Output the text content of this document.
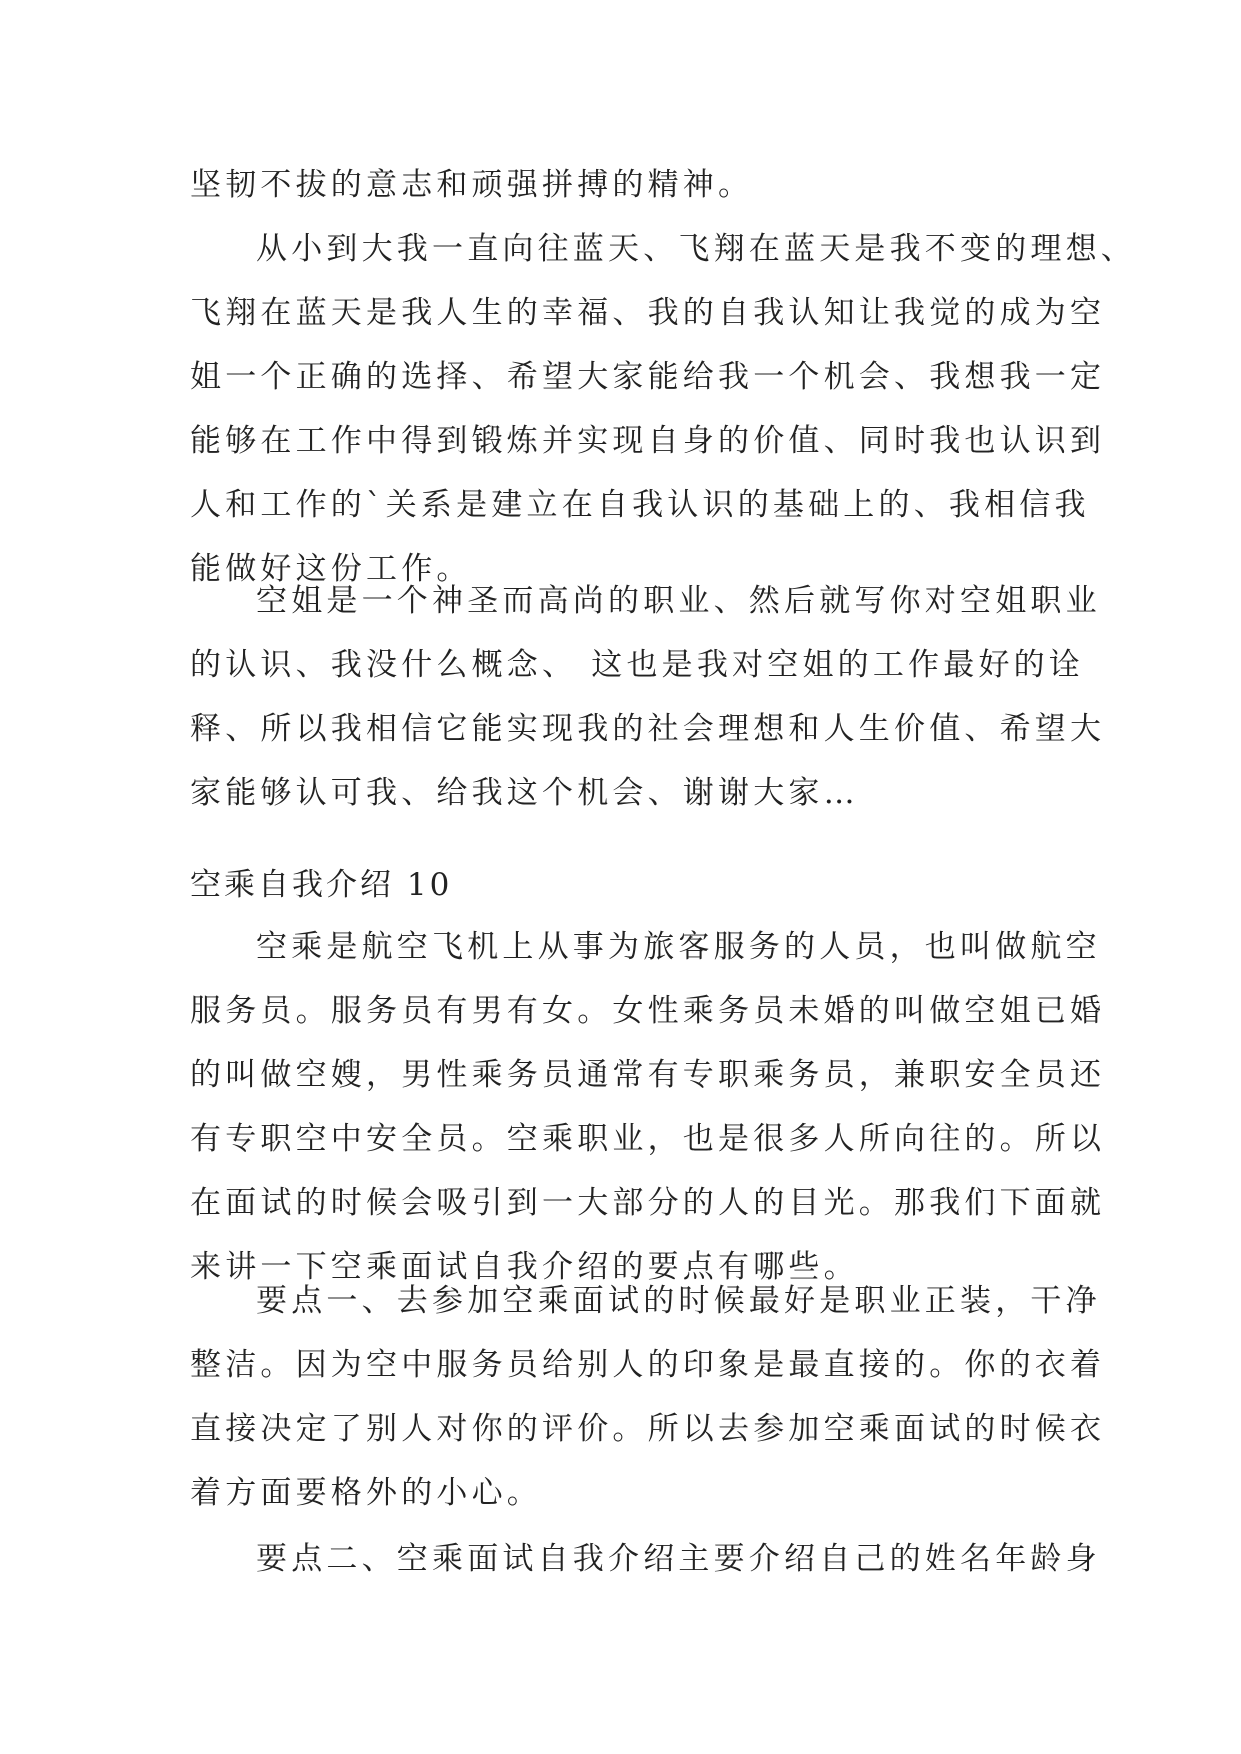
坚韧不拔的意志和顽强拼搏的精神。
从小到大我一直向往蓝天、飞翔在蓝天是我不变的理想、
飞翔在蓝天是我人生的幸福、我的自我认知让我觉的成为空
姐一个正确的选择、希望大家能给我一个机会、我想我一定
能够在工作中得到锻炼并实现自身的价值、同时我也认识到
人和工作的`关系是建立在自我认识的基础上的、我相信我
能做好这份工作。
空姐是一个神圣而高尚的职业、然后就写你对空姐职业
的认识、我没什么概念、 这也是我对空姐的工作最好的诠
释、所以我相信它能实现我的社会理想和人生价值、希望大
家能够认可我、给我这个机会、谢谢大家…
空乘自我介绍 10
空乘是航空飞机上从事为旅客服务的人员，也叫做航空
服务员。服务员有男有女。女性乘务员未婚的叫做空姐已婚
的叫做空嫂，男性乘务员通常有专职乘务员，兼职安全员还
有专职空中安全员。空乘职业，也是很多人所向往的。所以
在面试的时候会吸引到一大部分的人的目光。那我们下面就
来讲一下空乘面试自我介绍的要点有哪些。
要点一、去参加空乘面试的时候最好是职业正装，干净
整洁。因为空中服务员给别人的印象是最直接的。你的衣着
直接决定了别人对你的评价。所以去参加空乘面试的时候衣
着方面要格外的小心。
要点二、空乘面试自我介绍主要介绍自己的姓名年龄身
